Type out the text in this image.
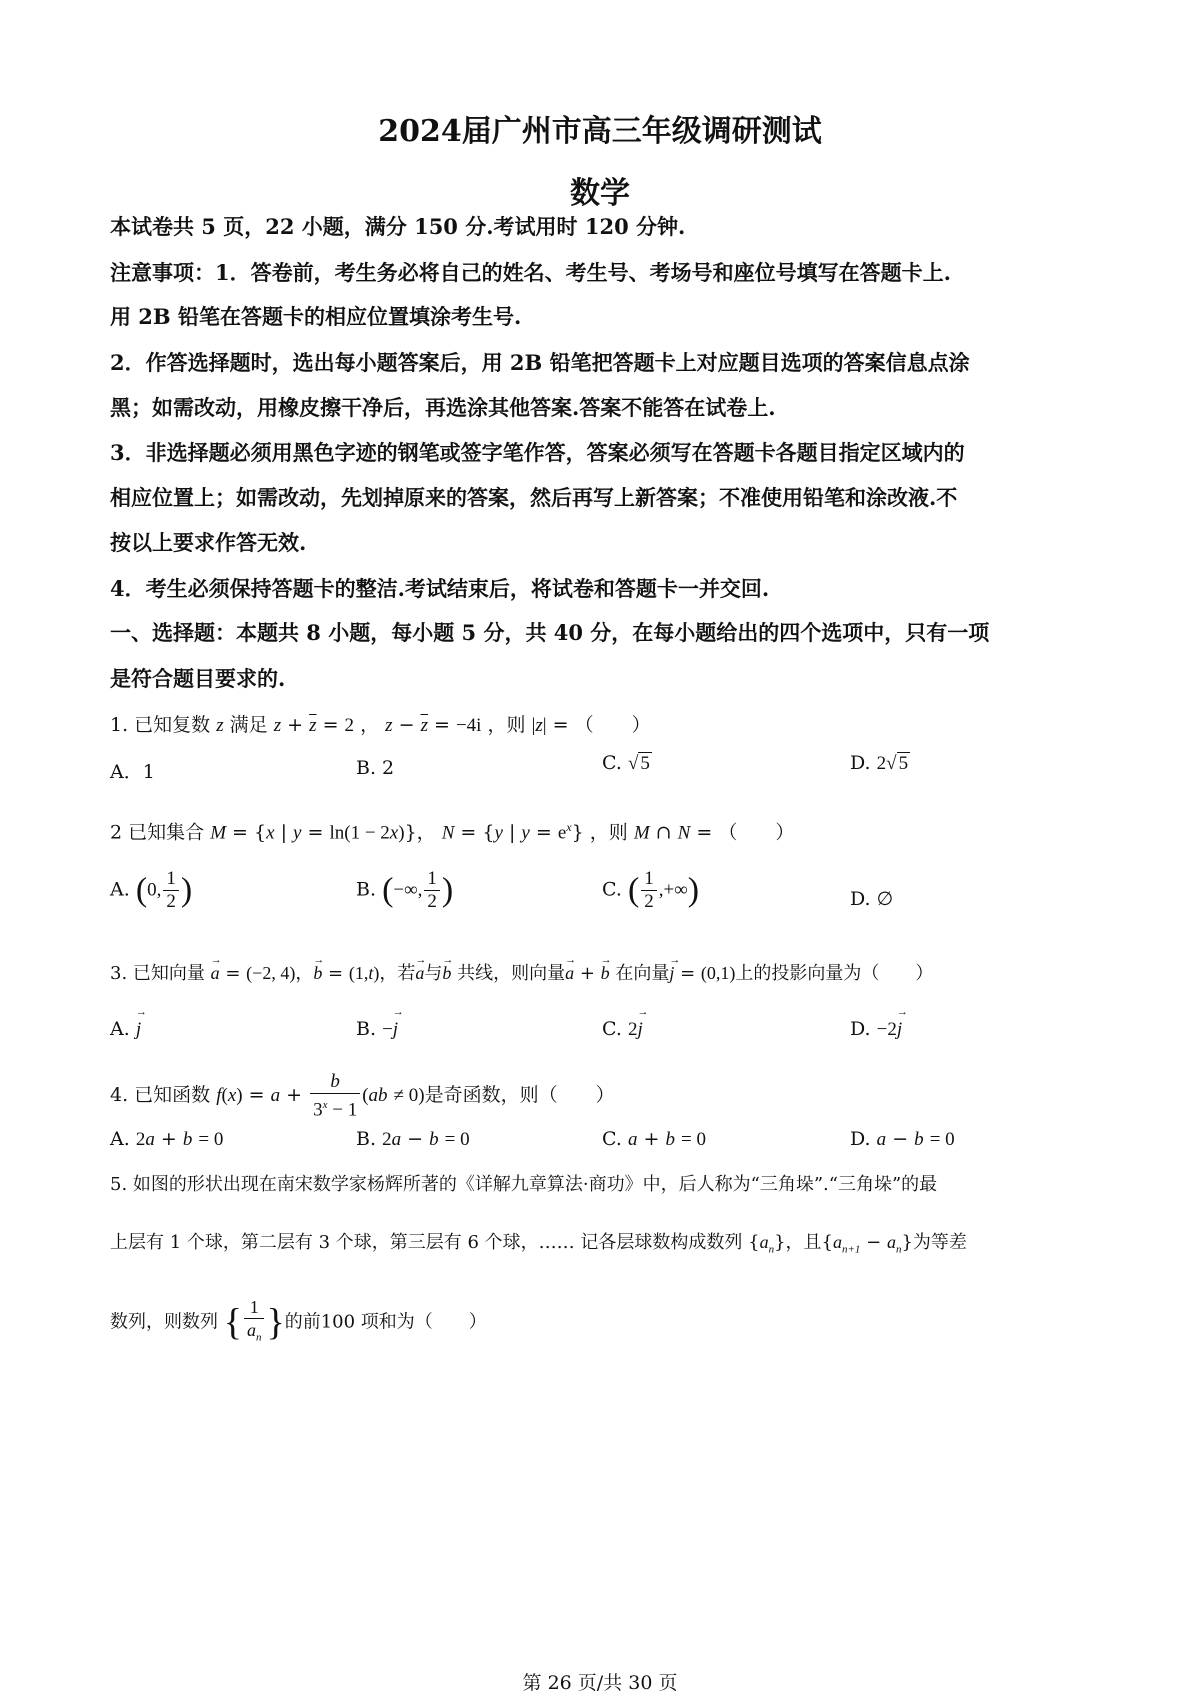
2024届广州市高三年级调研测试
数学
本试卷共 5 页，22 小题，满分 150 分.考试用时 120 分钟.
注意事项：1．答卷前，考生务必将自己的姓名、考生号、考场号和座位号填写在答题卡上.
用 2B 铅笔在答题卡的相应位置填涂考生号.
2．作答选择题时，选出每小题答案后，用 2B 铅笔把答题卡上对应题目选项的答案信息点涂
黑；如需改动，用橡皮擦干净后，再选涂其他答案.答案不能答在试卷上.
3．非选择题必须用黑色字迹的钢笔或签字笔作答，答案必须写在答题卡各题目指定区域内的
相应位置上；如需改动，先划掉原来的答案，然后再写上新答案；不准使用铅笔和涂改液.不
按以上要求作答无效.
4．考生必须保持答题卡的整洁.考试结束后，将试卷和答题卡一并交回.
一、选择题：本题共 8 小题，每小题 5 分，共 40 分，在每小题给出的四个选项中，只有一项
是符合题目要求的.
1. 已知复数 z 满足 $z + \overline{z} = 2$ ， $z - \overline{z} = -4i$ ，则 |z| = （　　）
A．1	B. 2	C. √ 5	D. 2√ 5
2 已知集合 M = {x | y = ln(1 − 2x)}， N = {y | $y = e^x$} ，则 M ∩ N = （　　）
A. (0, $\frac{1}{2}$ )	B. (−∞, $\frac{1}{2}$ )	C. ( $\frac{1}{2}$ ,+∞)	D. ∅
3. 已知向量 → a = (−2, 4)，→ b = (1,t)，若→ a与→ b 共线，则向量→ a + → b 在向量→ j = (0,1)上的投影向量为（　　）
A. → j	B. −→ j	C. 2→ j	D. −2→ j
4. 已知函数 $f(x) = a + \frac{b}{3^x - 1} (ab \ne 0)$是奇函数，则（　　）
A. 2a + b = 0	B. 2a − b = 0	C. a + b = 0	D. a − b = 0
5. 如图的形状出现在南宋数学家杨辉所著的《详解九章算法·商功》中，后人称为“三角垛”.“三角垛”的最
上层有 1 个球，第二层有 3 个球，第三层有 6 个球，…… 记各层球数构成数列 $\{a_n\}$，且$\{a_{n+1} - a_n\}$为等差
数列，则数列 { $\frac{1}{a_n}$ }的前100 项和为（　　）
第 26 页/共 30 页
